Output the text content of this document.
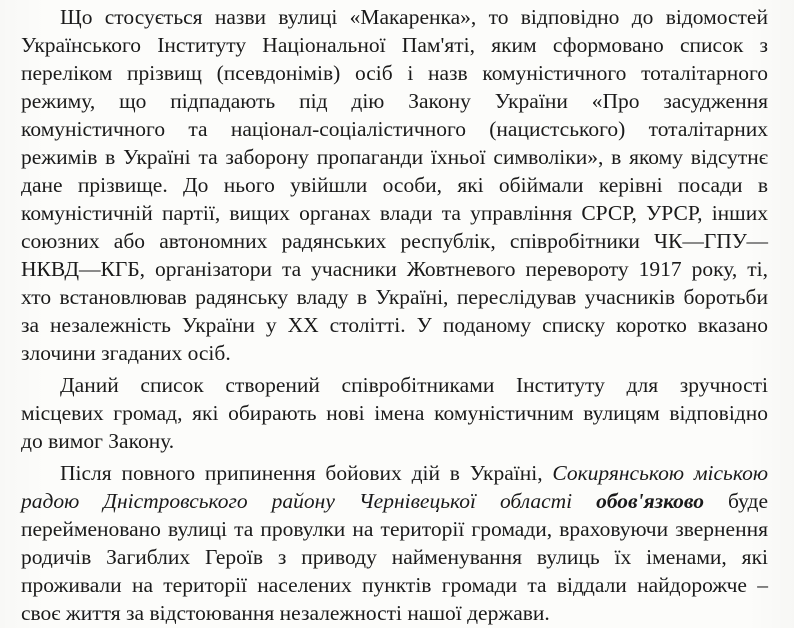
Що стосується назви вулиці «Макаренка», то відповідно до відомостей
Українського Інституту Національної Пам'яті, яким сформовано список з
переліком прізвищ (псевдонімів) осіб і назв комуністичного тоталітарного
режиму, що підпадають під дію Закону України «Про засудження
комуністичного та націонал-соціалістичного (нацистського) тоталітарних
режимів в Україні та заборону пропаганди їхньої символіки», в якому відсутнє
дане прізвище. До нього увійшли особи, які обіймали керівні посади в
комуністичній партії, вищих органах влади та управління СРСР, УРСР, інших
союзних або автономних радянських республік, співробітники ЧК—ГПУ—
НКВД—КГБ, організатори та учасники Жовтневого перевороту 1917 року, ті,
хто встановлював радянську владу в Україні, переслідував учасників боротьби
за незалежність України у ХХ столітті. У поданому списку коротко вказано
злочини згаданих осіб.
Даний список створений співробітниками Інституту для зручності
місцевих громад, які обирають нові імена комуністичним вулицям відповідно
до вимог Закону.
Після повного припинення бойових дій в Україні, Сокирянською міською
радою Дністровського району Чернівецької області обов'язково буде
перейменовано вулиці та провулки на території громади, враховуючи звернення
родичів Загиблих Героїв з приводу найменування вулиць їх іменами, які
проживали на території населених пунктів громади та віддали найдорожче –
своє життя за відстоювання незалежності нашої держави.
